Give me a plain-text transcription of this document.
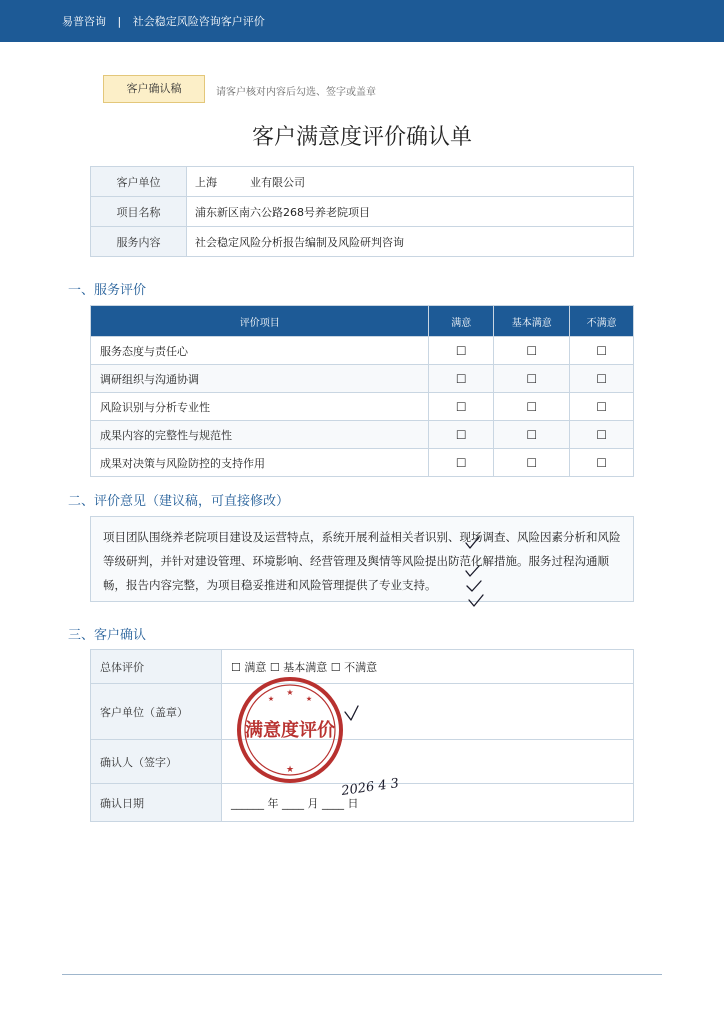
易普咨询 | 社会稳定风险咨询客户评价
客户确认稿	请客户核对内容后勾选、签字或盖章
客户满意度评价确认单
客户单位	上海　　　业有限公司
项目名称	浦东新区南六公路268号养老院项目
服务内容	社会稳定风险分析报告编制及风险研判咨询
一、服务评价
评价项目	满意	基本满意	不满意
服务态度与责任心	☐	☐	☐
调研组织与沟通协调	☐	☐	☐
风险识别与分析专业性	☐	☐	☐
成果内容的完整性与规范性	☐	☐	☐
成果对决策与风险防控的支持作用	☐	☐	☐
二、评价意见（建议稿，可直接修改）
项目团队围绕养老院项目建设及运营特点，系统开展利益相关者识别、现场调查、风险因素分析和风险等级研判，并针对建设管理、环境影响、经营管理及舆情等风险提出防范化解措施。服务过程沟通顺畅，报告内容完整，为项目稳妥推进和风险管理提供了专业支持。
三、客户确认
总体评价	☐ 满意 ☐ 基本满意 ☐ 不满意
客户单位（盖章）	
确认人（签字）	
确认日期	______ 年 ____ 月 ____ 日
★
★	★
★
满意度评价
2026 4 3
